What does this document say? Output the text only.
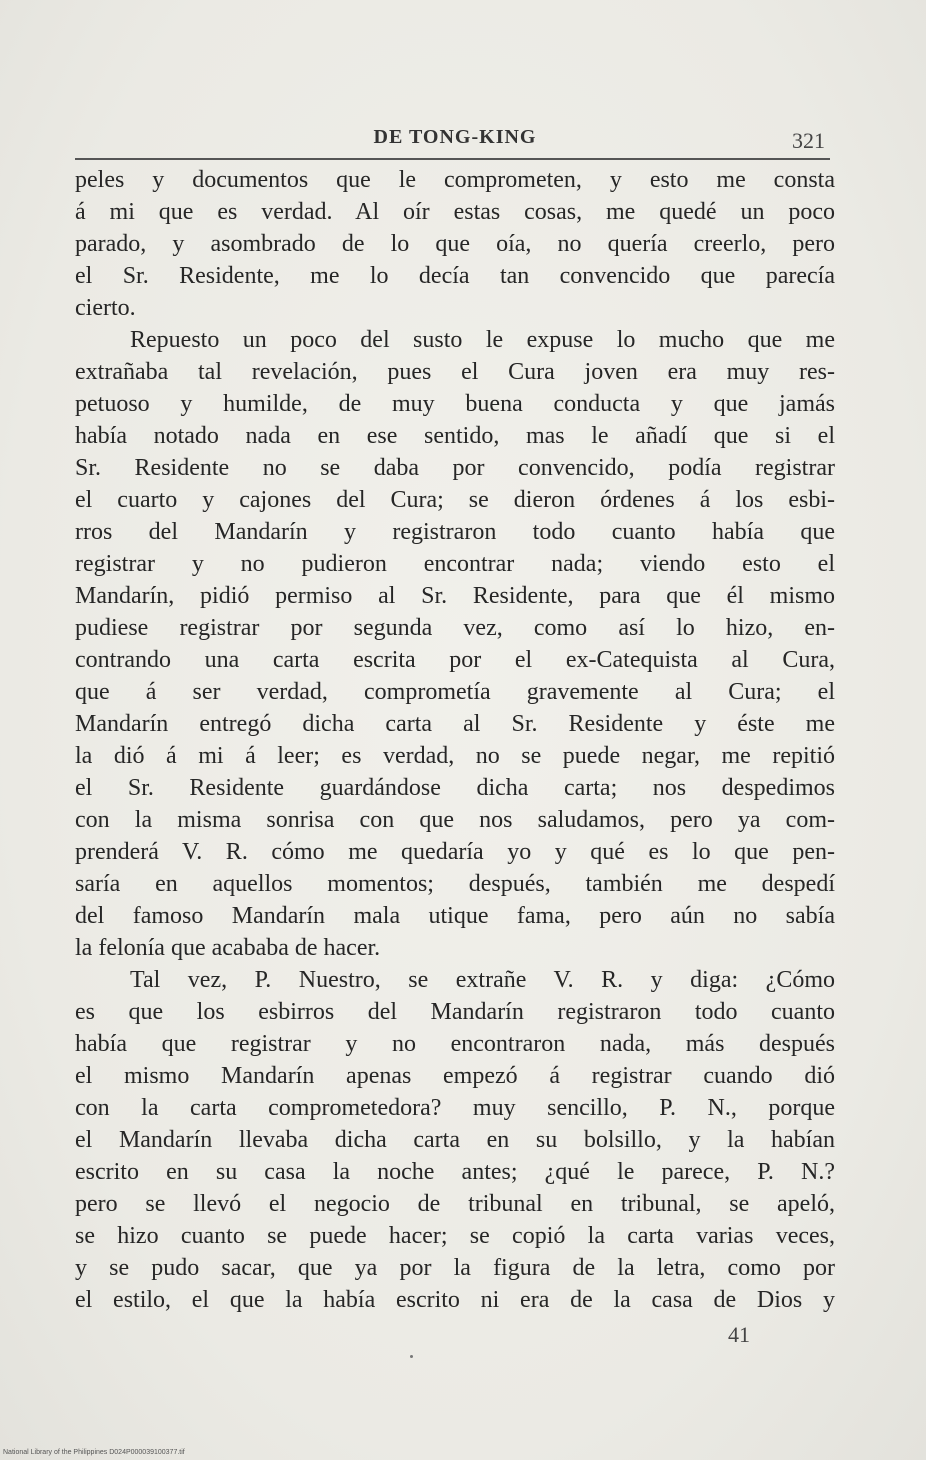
DE TONG-KING	321
peles y documentos que le comprometen, y esto me consta
á mi que es verdad. Al oír estas cosas, me quedé un poco
parado, y asombrado de lo que oía, no quería creerlo, pero
el Sr. Residente, me lo decía tan convencido que parecía
cierto.
Repuesto un poco del susto le expuse lo mucho que me
extrañaba tal revelación, pues el Cura joven era muy res-
petuoso y humilde, de muy buena conducta y que jamás
había notado nada en ese sentido, mas le añadí que si el
Sr. Residente no se daba por convencido, podía registrar
el cuarto y cajones del Cura; se dieron órdenes á los esbi-
rros del Mandarín y registraron todo cuanto había que
registrar y no pudieron encontrar nada; viendo esto el
Mandarín, pidió permiso al Sr. Residente, para que él mismo
pudiese registrar por segunda vez, como así lo hizo, en-
contrando una carta escrita por el ex-Catequista al Cura,
que á ser verdad, comprometía gravemente al Cura; el
Mandarín entregó dicha carta al Sr. Residente y éste me
la dió á mi á leer; es verdad, no se puede negar, me repitió
el Sr. Residente guardándose dicha carta; nos despedimos
con la misma sonrisa con que nos saludamos, pero ya com-
prenderá V. R. cómo me quedaría yo y qué es lo que pen-
saría en aquellos momentos; después, también me despedí
del famoso Mandarín mala utique fama, pero aún no sabía
la felonía que acababa de hacer.
Tal vez, P. Nuestro, se extrañe V. R. y diga: ¿Cómo
es que los esbirros del Mandarín registraron todo cuanto
había que registrar y no encontraron nada, más después
el mismo Mandarín apenas empezó á registrar cuando dió
con la carta comprometedora? muy sencillo, P. N., porque
el Mandarín llevaba dicha carta en su bolsillo, y la habían
escrito en su casa la noche antes; ¿qué le parece, P. N.?
pero se llevó el negocio de tribunal en tribunal, se apeló,
se hizo cuanto se puede hacer; se copió la carta varias veces,
y se pudo sacar, que ya por la figura de la letra, como por
el estilo, el que la había escrito ni era de la casa de Dios y
41
National Library of the Philippines D024P000039100377.tif
